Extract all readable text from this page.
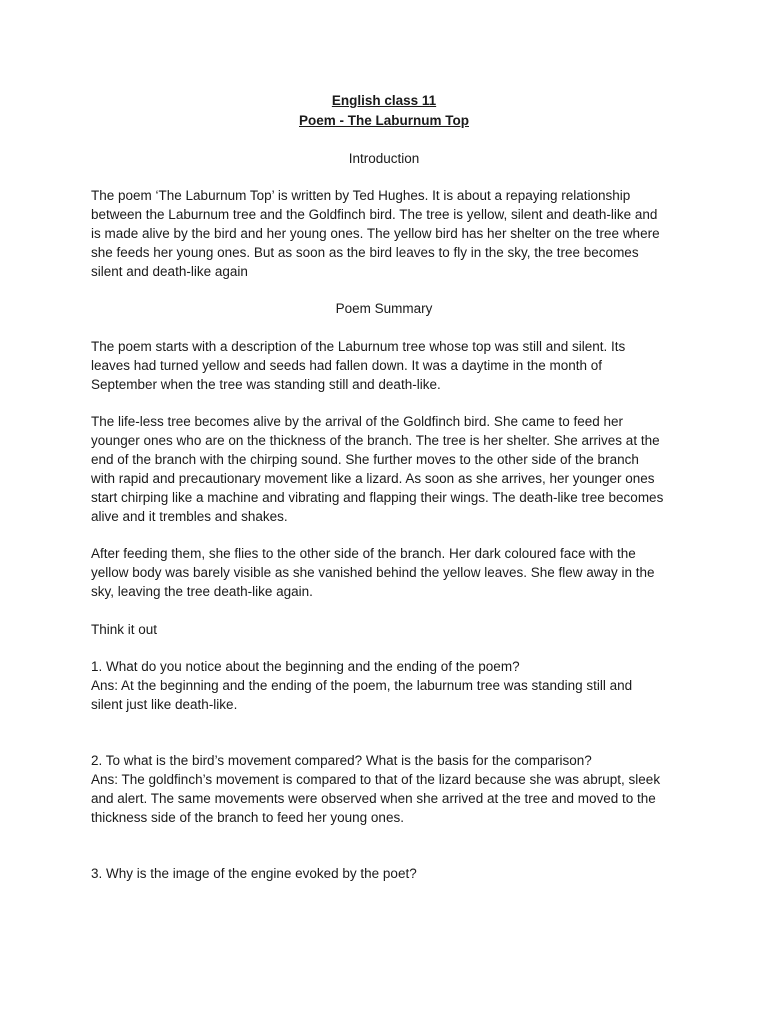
English class 11
Poem - The Laburnum Top
Introduction
The poem ‘The Laburnum Top’ is written by Ted Hughes. It is about a repaying relationship
between the Laburnum tree and the Goldfinch bird. The tree is yellow, silent and death-like and
is made alive by the bird and her young ones. The yellow bird has her shelter on the tree where
she feeds her young ones. But as soon as the bird leaves to fly in the sky, the tree becomes
silent and death-like again
Poem Summary
The poem starts with a description of the Laburnum tree whose top was still and silent. Its
leaves had turned yellow and seeds had fallen down. It was a daytime in the month of
September when the tree was standing still and death-like.
The life-less tree becomes alive by the arrival of the Goldfinch bird. She came to feed her
younger ones who are on the thickness of the branch. The tree is her shelter. She arrives at the
end of the branch with the chirping sound. She further moves to the other side of the branch
with rapid and precautionary movement like a lizard. As soon as she arrives, her younger ones
start chirping like a machine and vibrating and flapping their wings. The death-like tree becomes
alive and it trembles and shakes.
After feeding them, she flies to the other side of the branch. Her dark coloured face with the
yellow body was barely visible as she vanished behind the yellow leaves. She flew away in the
sky, leaving the tree death-like again.
Think it out
1. What do you notice about the beginning and the ending of the poem?
Ans: At the beginning and the ending of the poem, the laburnum tree was standing still and
silent just like death-like.
2. To what is the bird’s movement compared? What is the basis for the comparison?
Ans: The goldfinch’s movement is compared to that of the lizard because she was abrupt, sleek
and alert. The same movements were observed when she arrived at the tree and moved to the
thickness side of the branch to feed her young ones.
3. Why is the image of the engine evoked by the poet?
